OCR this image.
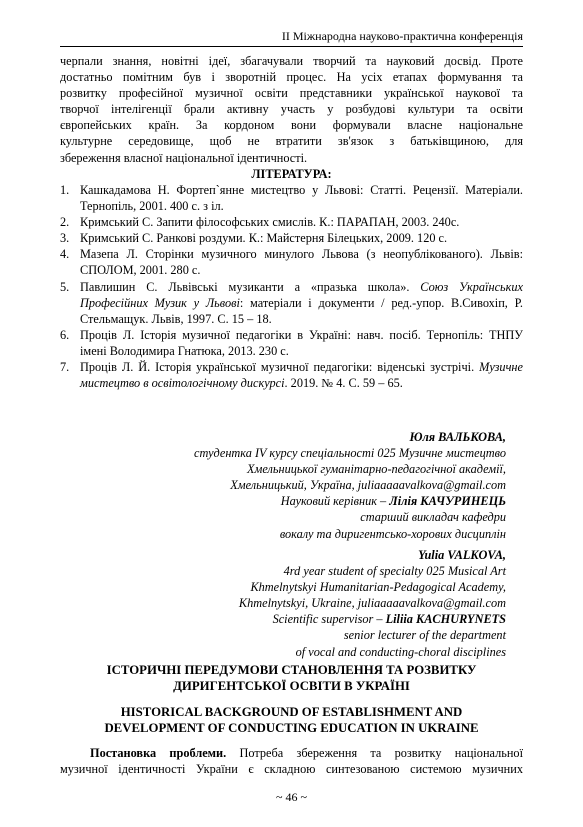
II Міжнародна науково-практична конференція
черпали знання, новітні ідеї, збагачували творчий та науковий досвід. Проте
достатньо помітним був і зворотній процес. На усіх етапах формування та
розвитку професійної музичної освіти представники української наукової та
творчої інтелігенції брали активну участь у розбудові культури та освіти
європейських країн. За кордоном вони формували власне національне
культурне середовище, щоб не втратити зв'язок з батьківщиною, для
збереження власної національної ідентичності.
ЛІТЕРАТУРА:
1. Кашкадамова Н. Фортеп`янне мистецтво у Львові: Статті. Рецензії. Матеріали. Тернопіль, 2001. 400 с. з іл.
2. Кримський С. Запити філософських смислів. К.: ПАРАПАН, 2003. 240с.
3. Кримський С. Ранкові роздуми. К.: Майстерня Білецьких, 2009. 120 с.
4. Мазепа Л. Сторінки музичного минулого Львова (з неопублікованого). Львів: СПОЛОМ, 2001. 280 с.
5. Павлишин С. Львівські музиканти а «празька школа». Союз Українських Професійних Музик у Львові: матеріали і документи / ред.-упор. В.Сивохіп, Р. Стельмащук. Львів, 1997. С. 15 – 18.
6. Проців Л. Історія музичної педагогіки в Україні: навч. посіб. Тернопіль: ТНПУ імені Володимира Гнатюка, 2013. 230 с.
7. Проців Л. Й. Історія української музичної педагогіки: віденські зустрічі. Музичне мистецтво в освітологічному дискурсі. 2019. № 4. С. 59 – 65.
Юля ВАЛЬКОВА,
студентка IV курсу спеціальності 025 Музичне мистецтво
Хмельницької гуманітарно-педагогічної академії,
Хмельницький, Україна, juliaaaaavalkova@gmail.com
Науковий керівник – Лілія КАЧУРИНЕЦЬ
старший викладач кафедри
вокалу та диригентсько-хорових дисциплін
Yulia VALKOVA,
4rd year student of specialty 025 Musical Art
Khmelnytskyi Humanitarian-Pedagogical Academy,
Khmelnytskyi, Ukraine, juliaaaaavalkova@gmail.com
Scientific supervisor – Liliia KACHURYNETS
senior lecturer of the department
of vocal and conducting-choral disciplines
ІСТОРИЧНІ ПЕРЕДУМОВИ СТАНОВЛЕННЯ ТА РОЗВИТКУ
ДИРИГЕНТСЬКОЇ ОСВІТИ В УКРАЇНІ
HISTORICAL BACKGROUND OF ESTABLISHMENT AND
DEVELOPMENT OF CONDUCTING EDUCATION IN UKRAINE
Постановка проблеми. Потреба збереження та розвитку національної
музичної ідентичності України є складною синтезованою системою музичних
~ 46 ~
